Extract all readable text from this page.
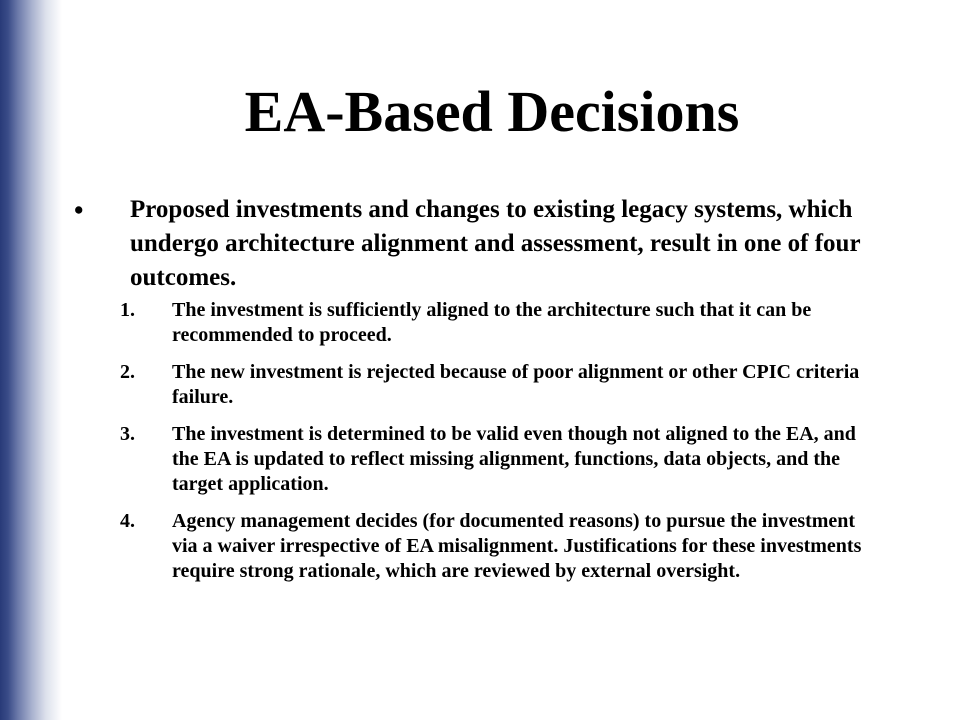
EA-Based Decisions
• Proposed investments and changes to existing legacy systems, which undergo architecture alignment and assessment, result in one of four outcomes.
1. The investment is sufficiently aligned to the architecture such that it can be recommended to proceed.
2. The new investment is rejected because of poor alignment or other CPIC criteria failure.
3. The investment is determined to be valid even though not aligned to the EA, and the EA is updated to reflect missing alignment, functions, data objects, and the target application.
4. Agency management decides (for documented reasons) to pursue the investment via a waiver irrespective of EA misalignment. Justifications for these investments require strong rationale, which are reviewed by external oversight.
